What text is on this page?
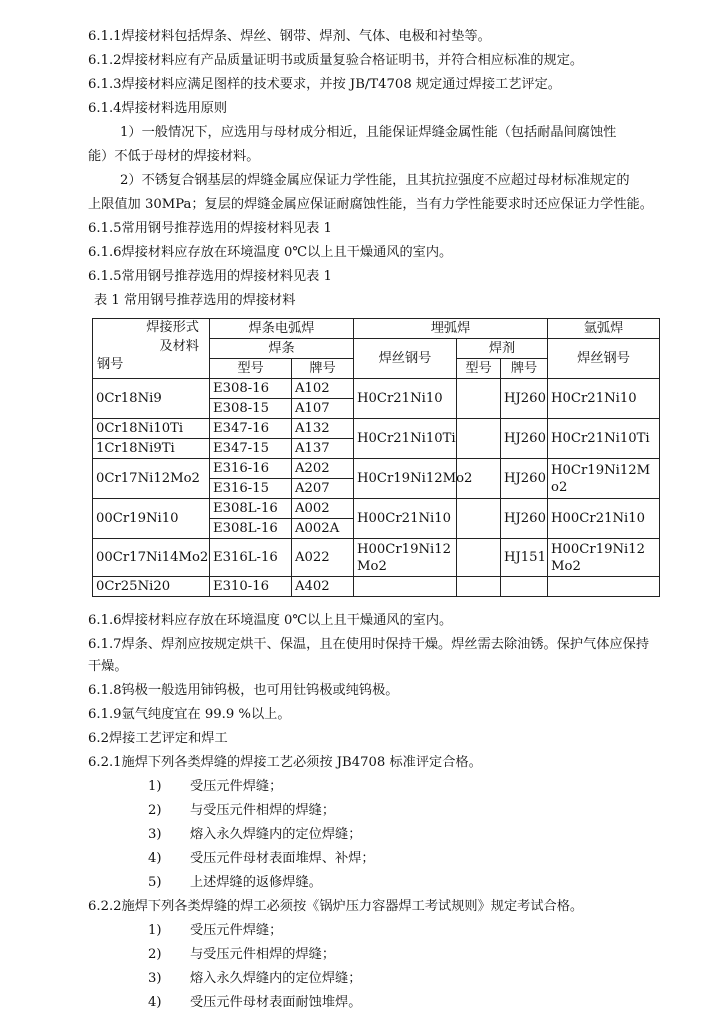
6.1.1焊接材料包括焊条、焊丝、钢带、焊剂、气体、电极和衬垫等。
6.1.2焊接材料应有产品质量证明书或质量复验合格证明书，并符合相应标准的规定。
6.1.3焊接材料应满足图样的技术要求，并按 JB/T4708 规定通过焊接工艺评定。
6.1.4焊接材料选用原则
1）一般情况下，应选用与母材成分相近，且能保证焊缝金属性能（包括耐晶间腐蚀性
能）不低于母材的焊接材料。
2）不锈复合钢基层的焊缝金属应保证力学性能，且其抗拉强度不应超过母材标准规定的
上限值加 30MPa；复层的焊缝金属应保证耐腐蚀性能，当有力学性能要求时还应保证力学性能。
6.1.5常用钢号推荐选用的焊接材料见表 1
6.1.6焊接材料应存放在环境温度 0℃以上且干燥通风的室内。
6.1.5常用钢号推荐选用的焊接材料见表 1
表 1 常用钢号推荐选用的焊接材料
焊接形式
及材料
钢号	焊条电弧焊		埋弧焊			氩弧焊
	焊条		焊丝钢号	焊剂		焊丝钢号
	型号	牌号		型号	牌号	
0Cr18Ni9	E308-16	A102	H0Cr21Ni10		HJ260	H0Cr21Ni10
	E308-15	A107				
0Cr18Ni10Ti	E347-16	A132	H0Cr21Ni10Ti		HJ260	H0Cr21Ni10Ti
1Cr18Ni9Ti	E347-15	A137				
0Cr17Ni12Mo2	E316-16	A202	H0Cr19Ni12Mo2		HJ260	H0Cr19Ni12Mo2
	E316-15	A207				
00Cr19Ni10	E308L-16	A002	H00Cr21Ni10		HJ260	H00Cr21Ni10
	E308L-16	A002A				
00Cr17Ni14Mo2	E316L-16	A022	H00Cr19Ni12Mo2		HJ151	H00Cr19Ni12Mo2
0Cr25Ni20	E310-16	A402				
6.1.6焊接材料应存放在环境温度 0℃以上且干燥通风的室内。
6.1.7焊条、焊剂应按规定烘干、保温，且在使用时保持干燥。焊丝需去除油锈。保护气体应保持
干燥。
6.1.8钨极一般选用铈钨极，也可用钍钨极或纯钨极。
6.1.9氩气纯度宜在 99.9 %以上。
6.2焊接工艺评定和焊工
6.2.1施焊下列各类焊缝的焊接工艺必须按 JB4708 标准评定合格。
1) 受压元件焊缝；
2) 与受压元件相焊的焊缝；
3) 熔入永久焊缝内的定位焊缝；
4) 受压元件母材表面堆焊、补焊；
5) 上述焊缝的返修焊缝。
6.2.2施焊下列各类焊缝的焊工必须按《锅炉压力容器焊工考试规则》规定考试合格。
1) 受压元件焊缝；
2) 与受压元件相焊的焊缝；
3) 熔入永久焊缝内的定位焊缝；
4) 受压元件母材表面耐蚀堆焊。
